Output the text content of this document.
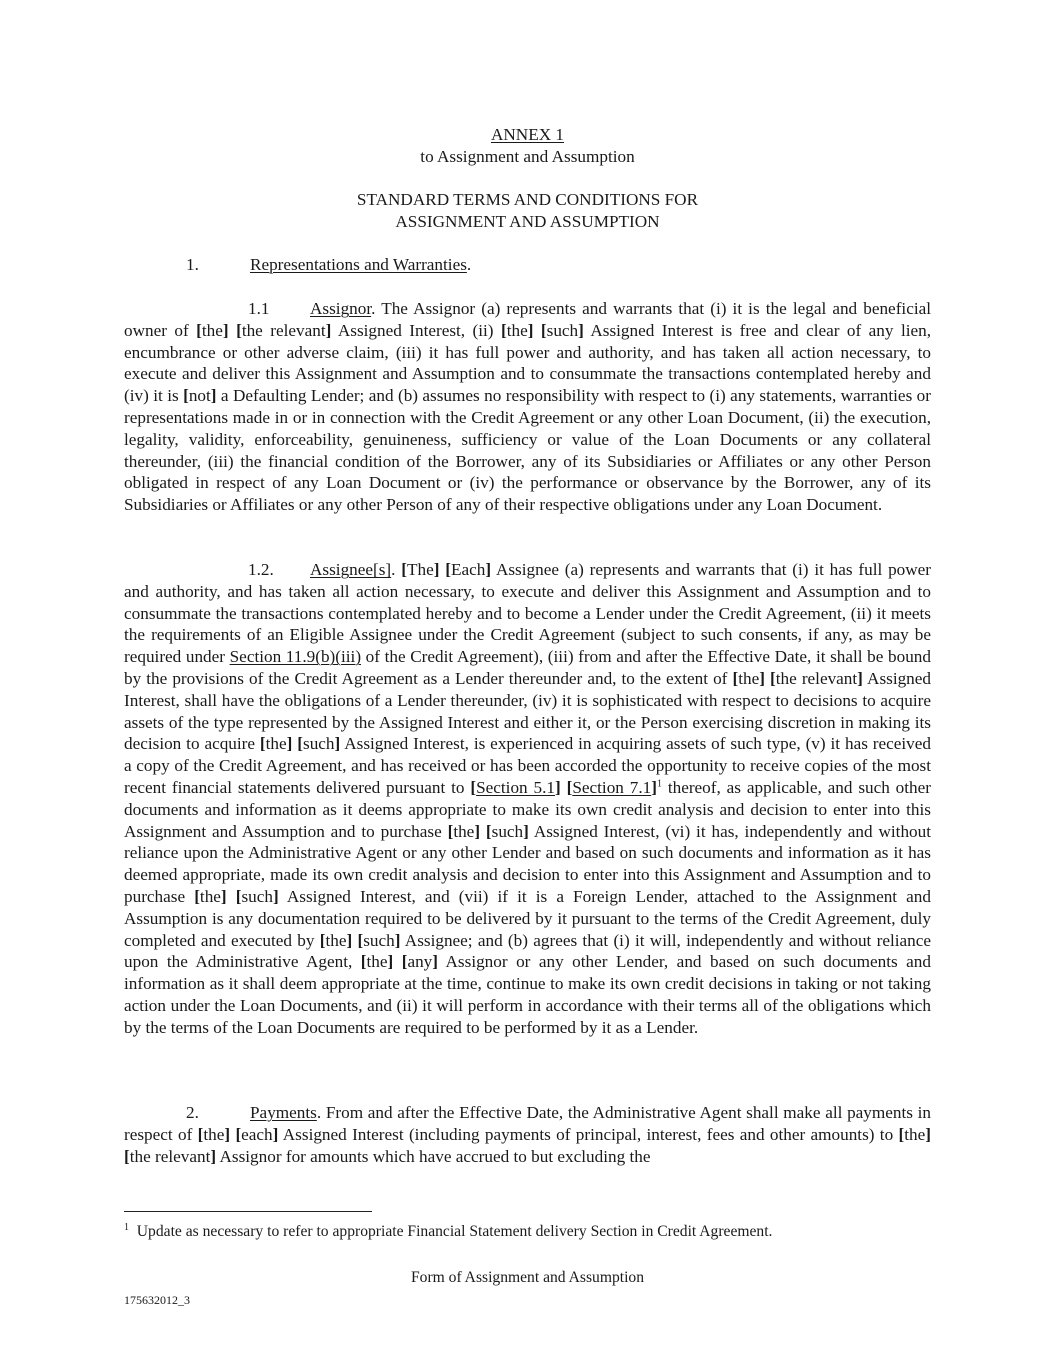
ANNEX 1
to Assignment and Assumption
STANDARD TERMS AND CONDITIONS FOR
ASSIGNMENT AND ASSUMPTION
1.	Representations and Warranties.
1.1 Assignor. The Assignor (a) represents and warrants that (i) it is the legal and beneficial owner of [the] [the relevant] Assigned Interest, (ii) [the] [such] Assigned Interest is free and clear of any lien, encumbrance or other adverse claim, (iii) it has full power and authority, and has taken all action necessary, to execute and deliver this Assignment and Assumption and to consummate the transactions contemplated hereby and (iv) it is [not] a Defaulting Lender; and (b) assumes no responsibility with respect to (i) any statements, warranties or representations made in or in connection with the Credit Agreement or any other Loan Document, (ii) the execution, legality, validity, enforceability, genuineness, sufficiency or value of the Loan Documents or any collateral thereunder, (iii) the financial condition of the Borrower, any of its Subsidiaries or Affiliates or any other Person obligated in respect of any Loan Document or (iv) the performance or observance by the Borrower, any of its Subsidiaries or Affiliates or any other Person of any of their respective obligations under any Loan Document.
1.2. Assignee[s]. [The] [Each] Assignee (a) represents and warrants that (i) it has full power and authority, and has taken all action necessary, to execute and deliver this Assignment and Assumption and to consummate the transactions contemplated hereby and to become a Lender under the Credit Agreement, (ii) it meets the requirements of an Eligible Assignee under the Credit Agreement (subject to such consents, if any, as may be required under Section 11.9(b)(iii) of the Credit Agreement), (iii) from and after the Effective Date, it shall be bound by the provisions of the Credit Agreement as a Lender thereunder and, to the extent of [the] [the relevant] Assigned Interest, shall have the obligations of a Lender thereunder, (iv) it is sophisticated with respect to decisions to acquire assets of the type represented by the Assigned Interest and either it, or the Person exercising discretion in making its decision to acquire [the] [such] Assigned Interest, is experienced in acquiring assets of such type, (v) it has received a copy of the Credit Agreement, and has received or has been accorded the opportunity to receive copies of the most recent financial statements delivered pursuant to [Section 5.1] [Section 7.1]$^1$ thereof, as applicable, and such other documents and information as it deems appropriate to make its own credit analysis and decision to enter into this Assignment and Assumption and to purchase [the] [such] Assigned Interest, (vi) it has, independently and without reliance upon the Administrative Agent or any other Lender and based on such documents and information as it has deemed appropriate, made its own credit analysis and decision to enter into this Assignment and Assumption and to purchase [the] [such] Assigned Interest, and (vii) if it is a Foreign Lender, attached to the Assignment and Assumption is any documentation required to be delivered by it pursuant to the terms of the Credit Agreement, duly completed and executed by [the] [such] Assignee; and (b) agrees that (i) it will, independently and without reliance upon the Administrative Agent, [the] [any] Assignor or any other Lender, and based on such documents and information as it shall deem appropriate at the time, continue to make its own credit decisions in taking or not taking action under the Loan Documents, and (ii) it will perform in accordance with their terms all of the obligations which by the terms of the Loan Documents are required to be performed by it as a Lender.
2.	Payments. From and after the Effective Date, the Administrative Agent shall make all payments in respect of [the] [each] Assigned Interest (including payments of principal, interest, fees and other amounts) to [the] [the relevant] Assignor for amounts which have accrued to but excluding the
$^1$ Update as necessary to refer to appropriate Financial Statement delivery Section in Credit Agreement.
Form of Assignment and Assumption
175632012_3
